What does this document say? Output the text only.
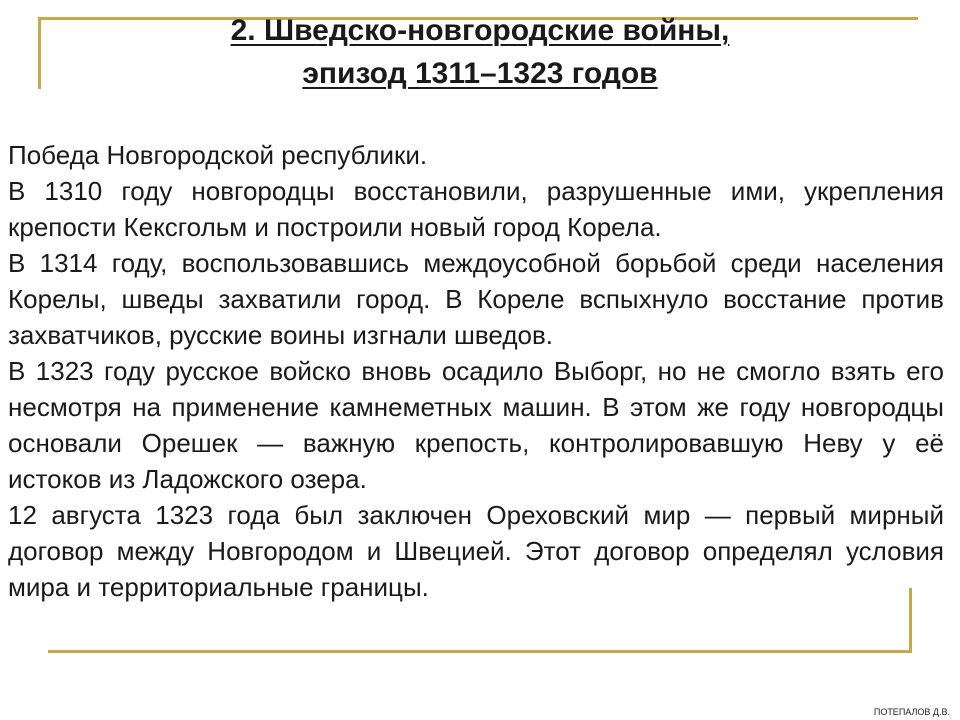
2. Шведско-новгородские войны,
эпизод 1311–1323 годов

Победа Новгородской республики.

В 1310 году новгородцы восстановили, разрушенные ими, укрепления крепости Кексгольм и построили новый город Корела.

В 1314 году, воспользовавшись междоусобной борьбой среди населения Корелы, шведы захватили город. В Кореле вспыхнуло восстание против захватчиков, русские воины изгнали шведов.

В 1323 году русское войско вновь осадило Выборг, но не смогло взять его несмотря на применение камнеметных машин. В этом же году новгородцы основали Орешек — важную крепость, контролировавшую Неву у её истоков из Ладожского озера.

12 августа 1323 года был заключен Ореховский мир — первый мирный договор между Новгородом и Швецией. Этот договор определял условия мира и территориальные границы.

ПОТЕПАЛОВ Д.В.
